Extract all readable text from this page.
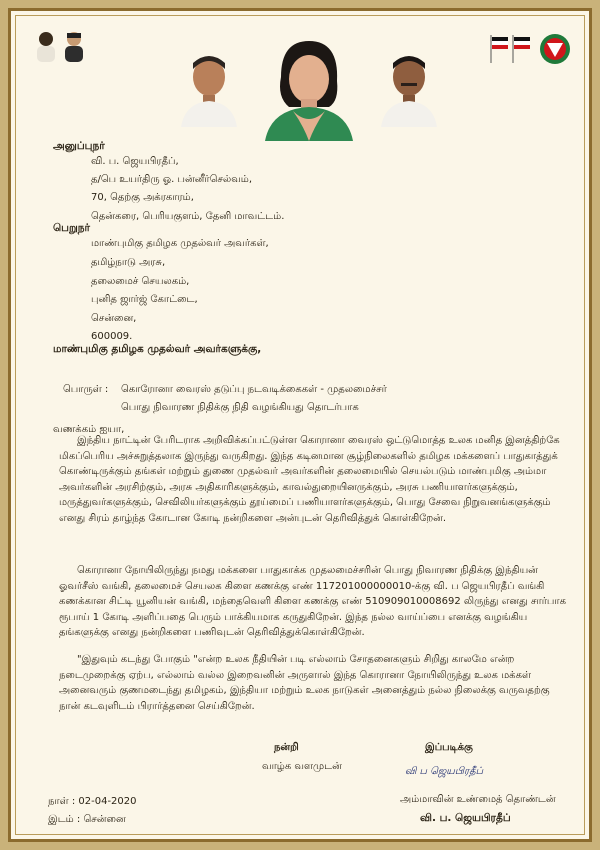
அனுப்புநர்
வி. ப. ஜெயபிரதீப்,
த/பெ உயர்திரு ஓ. பன்னீர்செல்வம்,
70, தெற்கு அக்ரகாரம்,
தென்கரை, பெரியகுளம், தேனி மாவட்டம்.
பெறுநர்
மாண்புமிகு தமிழக முதல்வர் அவர்கள்,
தமிழ்நாடு அரசு,
தலைமைச் செயலகம்,
புனித ஜார்ஜ் கோட்டை,
சென்னை,
600009.
மாண்புமிகு தமிழக முதல்வர் அவர்களுக்கு,
பொருள் : கொரோனா வைரஸ் தடுப்பு நடவடிக்கைகள் - முதலமைச்சர்
பொது நிவாரண நிதிக்கு நிதி வழங்கியது தொடர்பாக
வணக்கம் ஐயா,
இந்திய நாட்டின் பேரிடராக அறிவிக்கப்பட்டுள்ள கொரானா வைரஸ் ஒட்டுமொத்த உலக மனித இனத்திற்கே மிகப்பெரிய அச்சுறுத்தலாக இருந்து வருகிறது. இந்த கடினமான சூழ்நிலைகளில் தமிழக மக்களைப் பாதுகாத்துக் கொண்டிருக்கும் தங்கள் மற்றும் துணை முதல்வர் அவர்களின் தலைமையில் செயல்படும் மாண்புமிகு அம்மா அவர்களின் அரசிற்கும், அரசு அதிகாரிகளுக்கும், காவல்துறையினருக்கும், அரசு பணியாளர்களுக்கும், மருத்துவர்களுக்கும், செவிலியர்களுக்கும் தூய்மைப் பணியாளர்களுக்கும், பொது சேவை நிறுவனங்களுக்கும் எனது சிரம் தாழ்ந்த கோடான கோடி நன்றிகளை அன்புடன் தெரிவித்துக் கொள்கிறேன்.
கொரானா நோயிலிருந்து நமது மக்களை பாதுகாக்க முதலமைச்சரின் பொது நிவாரண நிதிக்கு இந்தியன் ஓவர்சீஸ் வங்கி, தலைமைச் செயலக கிளை கணக்கு எண் 117201000000010-க்கு வி. ப ஜெயபிரதீப் வங்கி கணக்கான சிட்டி யூனியன் வங்கி, மந்தைவெளி கிளை கணக்கு எண் 510909010008692 லிருந்து எனது சார்பாக ரூபாய் 1 கோடி அளிப்பதை பெரும் பாக்கியமாக கருதுகிறேன். இந்த நல்ல வாய்ப்பை எனக்கு வழங்கிய தங்களுக்கு எனது நன்றிகளை பணிவுடன் தெரிவித்துக்கொள்கிறேன்.
"இதுவும் கடந்து போகும் "என்ற உலக நீதியின் படி எல்லாம் சோதனைகளும் சிறிது காலமே என்ற நடைமுறைக்கு ஏற்ப, எல்லாம் வல்ல இறைவனின் அருளால் இந்த கொரானா நோயிலிருந்து உலக மக்கள் அனைவரும் குணமடைந்து தமிழகம், இந்தியா மற்றும் உலக நாடுகள் அனைத்தும் நல்ல நிலைக்கு வருவதற்கு நான் கடவுளிடம் பிரார்த்தனை செய்கிறேன்.
நன்றி	இப்படிக்கு
வாழ்க வளமுடன்	வி ப ஜெயபிரதீப்
நாள் : 02-04-2020	அம்மாவின் உண்மைத் தொண்டன்
வி. ப. ஜெயபிரதீப்
இடம் : சென்னை
